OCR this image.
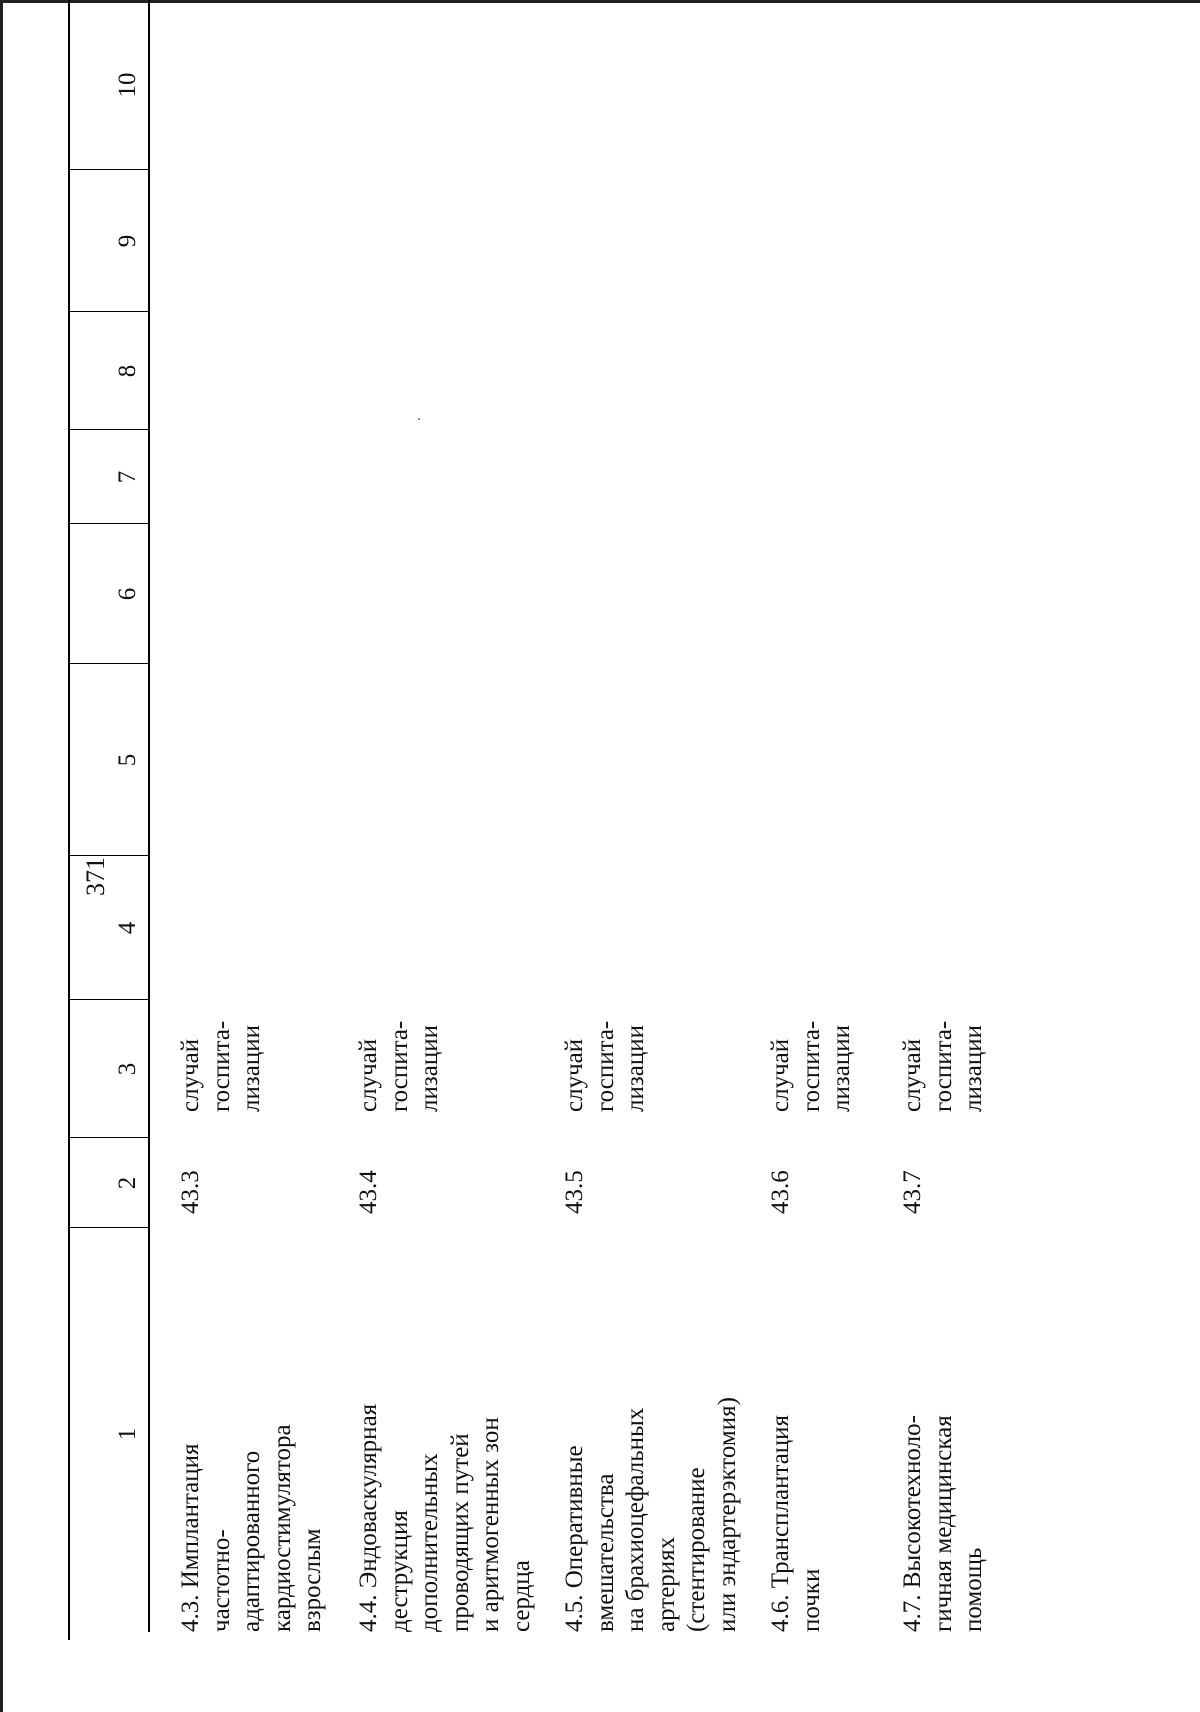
371
1
2
3
4
5
6
7
8
9
10
4.3. Имплантация
частотно-
адаптированного
кардиостимулятора
взрослым
43.3
случай
госпита-
лизации
4.4. Эндоваскулярная
деструкция
дополнительных
проводящих путей
и аритмогенных зон
сердца
43.4
случай
госпита-
лизации
4.5. Оперативные
вмешательства
на брахиоцефальных
артериях
(стентирование
или эндартерэктомия)
43.5
случай
госпита-
лизации
4.6. Трансплантация
почки
43.6
случай
госпита-
лизации
4.7. Высокотехноло-
гичная медицинская
помощь
43.7
случай
госпита-
лизации
